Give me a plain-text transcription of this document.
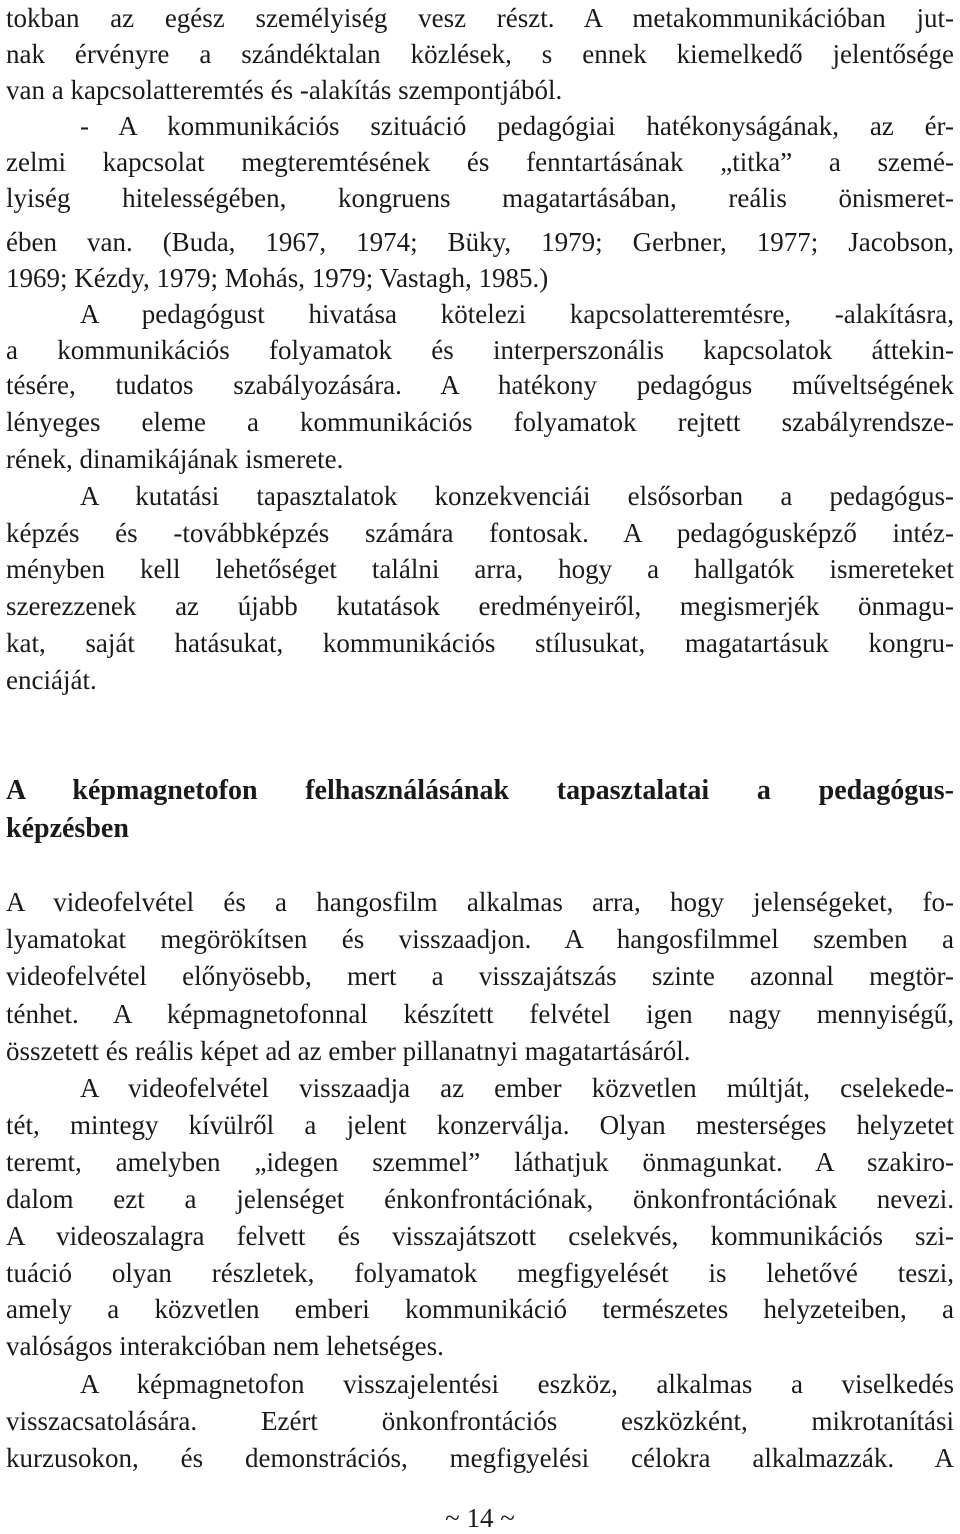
tokban az egész személyiség vesz részt. A metakommunikációban jut-
nak érvényre a szándéktalan közlések, s ennek kiemelkedő jelentősége
van a kapcsolatteremtés és -alakítás szempontjából.
- A kommunikációs szituáció pedagógiai hatékonyságának, az ér-
zelmi kapcsolat megteremtésének és fenntartásának „titka” a szemé-
lyiség hitelességében, kongruens magatartásában, reális önismeret-
ében van. (Buda, 1967, 1974; Büky, 1979; Gerbner, 1977; Jacobson,
1969; Kézdy, 1979; Mohás, 1979; Vastagh, 1985.)
A pedagógust hivatása kötelezi kapcsolatteremtésre, -alakításra,
a kommunikációs folyamatok és interperszonális kapcsolatok áttekin-
tésére, tudatos szabályozására. A hatékony pedagógus műveltségének
lényeges eleme a kommunikációs folyamatok rejtett szabályrendsze-
rének, dinamikájának ismerete.
A kutatási tapasztalatok konzekvenciái elsősorban a pedagógus-
képzés és -továbbképzés számára fontosak. A pedagógusképző intéz-
ményben kell lehetőséget találni arra, hogy a hallgatók ismereteket
szerezzenek az újabb kutatások eredményeiről, megismerjék önmagu-
kat, saját hatásukat, kommunikációs stílusukat, magatartásuk kongru-
enciáját.
A képmagnetofon felhasználásának tapasztalatai a pedagógus-
képzésben
A videofelvétel és a hangosfilm alkalmas arra, hogy jelenségeket, fo-
lyamatokat megörökítsen és visszaadjon. A hangosfilmmel szemben a
videofelvétel előnyösebb, mert a visszajátszás szinte azonnal megtör-
ténhet. A képmagnetofonnal készített felvétel igen nagy mennyiségű,
összetett és reális képet ad az ember pillanatnyi magatartásáról.
A videofelvétel visszaadja az ember közvetlen múltját, cselekede-
tét, mintegy kívülről a jelent konzerválja. Olyan mesterséges helyzetet
teremt, amelyben „idegen szemmel” láthatjuk önmagunkat. A szakiro-
dalom ezt a jelenséget énkonfrontációnak, önkonfrontációnak nevezi.
A videoszalagra felvett és visszajátszott cselekvés, kommunikációs szi-
tuáció olyan részletek, folyamatok megfigyelését is lehetővé teszi,
amely a közvetlen emberi kommunikáció természetes helyzeteiben, a
valóságos interakcióban nem lehetséges.
A képmagnetofon visszajelentési eszköz, alkalmas a viselkedés
visszacsatolására. Ezért önkonfrontációs eszközként, mikrotanítási
kurzusokon, és demonstrációs, megfigyelési célokra alkalmazzák. A
~ 14 ~
